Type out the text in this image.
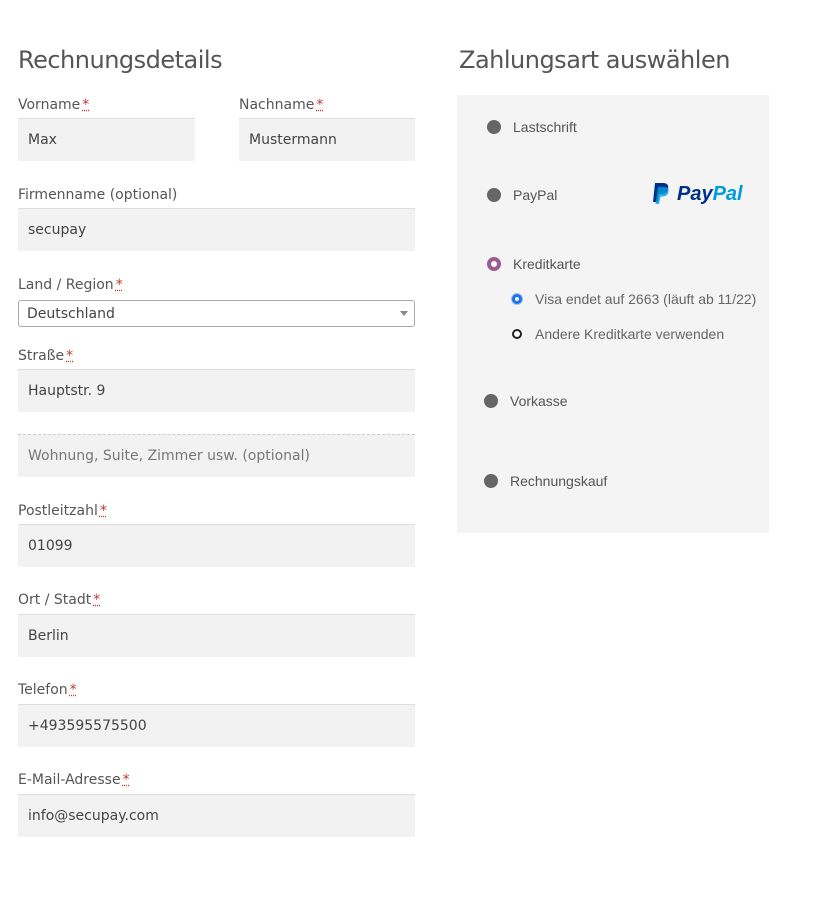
Rechnungsdetails	Zahlungsart auswählen
Vorname *
Max
Nachname *
Mustermann
Firmenname (optional)
secupay
Land / Region *
Deutschland
Straße *
Hauptstr. 9
Wohnung, Suite, Zimmer usw. (optional)
Postleitzahl *
01099
Ort / Stadt *
Berlin
Telefon *
+493595575500
E-Mail-Adresse *
info@secupay.com
Lastschrift
PayPal	Pay Pal
Kreditkarte
Visa endet auf 2663 (läuft ab 11/22)
Andere Kreditkarte verwenden
Vorkasse
Rechnungskauf
